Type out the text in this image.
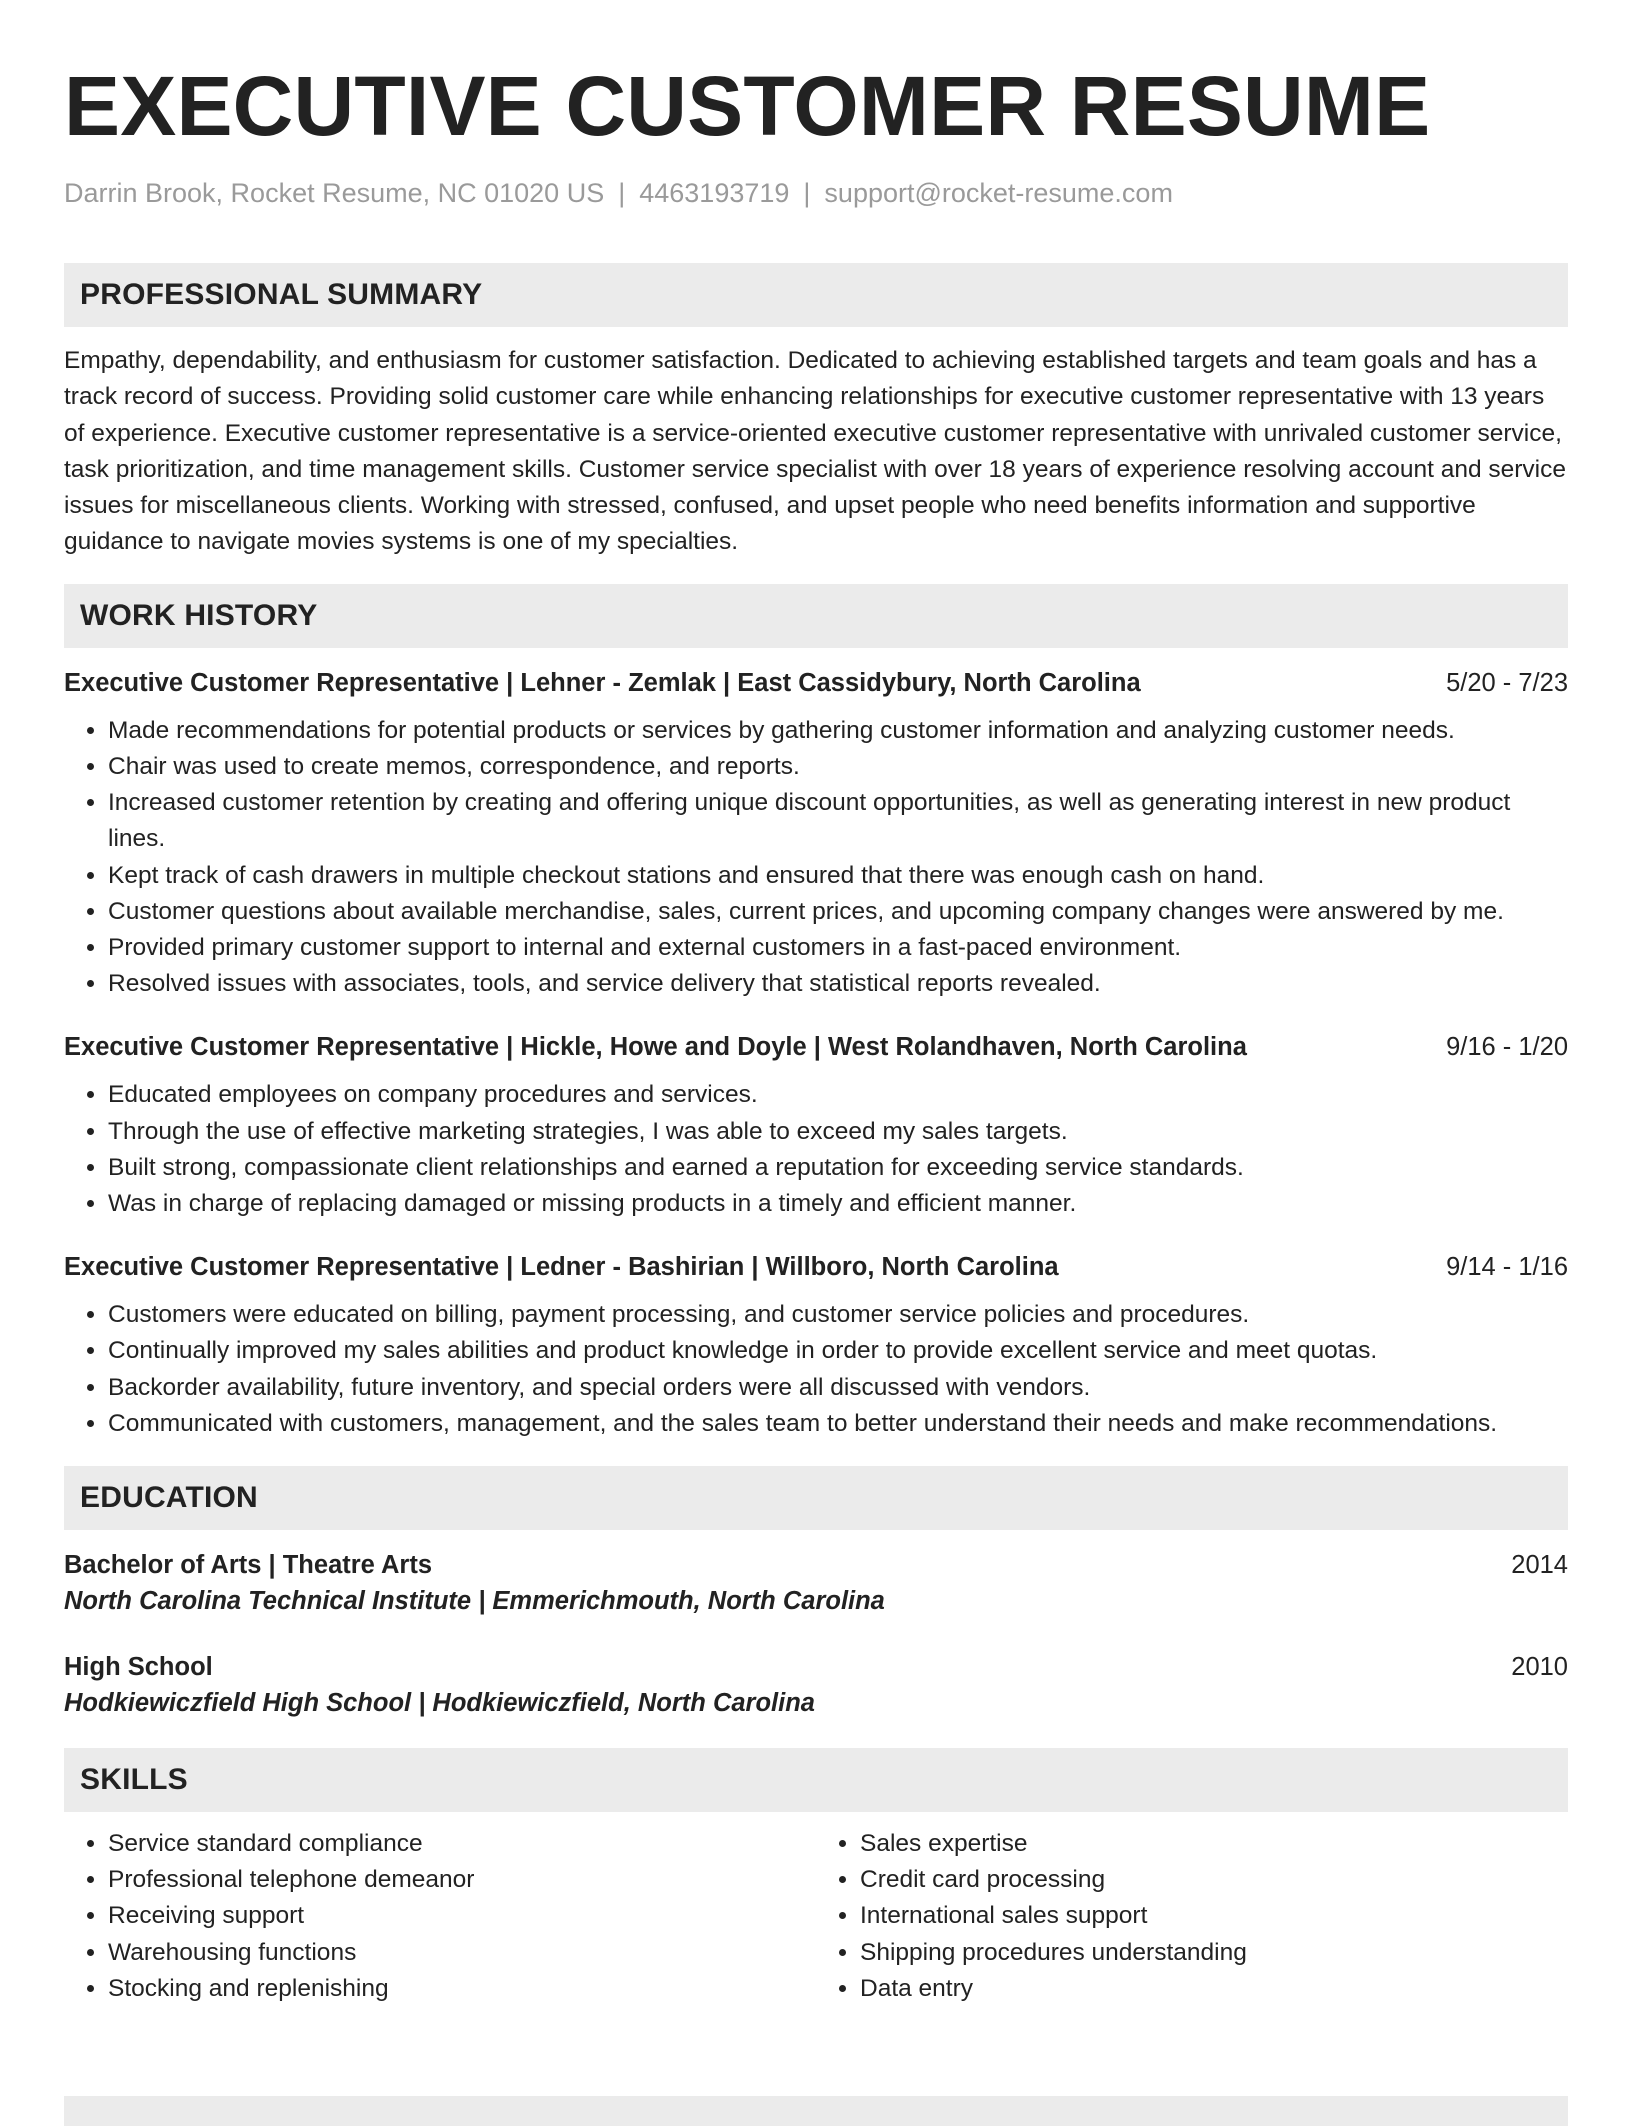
EXECUTIVE CUSTOMER RESUME
Darrin Brook, Rocket Resume, NC 01020 US | 4463193719 | support@rocket-resume.com
PROFESSIONAL SUMMARY

Empathy, dependability, and enthusiasm for customer satisfaction. Dedicated to achieving established targets and team goals and has a track record of success. Providing solid customer care while enhancing relationships for executive customer representative with 13 years of experience. Executive customer representative is a service-oriented executive customer representative with unrivaled customer service, task prioritization, and time management skills. Customer service specialist with over 18 years of experience resolving account and service issues for miscellaneous clients. Working with stressed, confused, and upset people who need benefits information and supportive guidance to navigate movies systems is one of my specialties.

WORK HISTORY
Executive Customer Representative | Lehner - Zemlak | East Cassidybury, North Carolina	5/20 - 7/23
• Made recommendations for potential products or services by gathering customer information and analyzing customer needs.
• Chair was used to create memos, correspondence, and reports.
• Increased customer retention by creating and offering unique discount opportunities, as well as generating interest in new product lines.
• Kept track of cash drawers in multiple checkout stations and ensured that there was enough cash on hand.
• Customer questions about available merchandise, sales, current prices, and upcoming company changes were answered by me.
• Provided primary customer support to internal and external customers in a fast-paced environment.
• Resolved issues with associates, tools, and service delivery that statistical reports revealed.
Executive Customer Representative | Hickle, Howe and Doyle | West Rolandhaven, North Carolina	9/16 - 1/20
• Educated employees on company procedures and services.
• Through the use of effective marketing strategies, I was able to exceed my sales targets.
• Built strong, compassionate client relationships and earned a reputation for exceeding service standards.
• Was in charge of replacing damaged or missing products in a timely and efficient manner.
Executive Customer Representative | Ledner - Bashirian | Willboro, North Carolina	9/14 - 1/16
• Customers were educated on billing, payment processing, and customer service policies and procedures.
• Continually improved my sales abilities and product knowledge in order to provide excellent service and meet quotas.
• Backorder availability, future inventory, and special orders were all discussed with vendors.
• Communicated with customers, management, and the sales team to better understand their needs and make recommendations.
EDUCATION
Bachelor of Arts | Theatre Arts	2014
North Carolina Technical Institute | Emmerichmouth, North Carolina
High School	2010
Hodkiewiczfield High School | Hodkiewiczfield, North Carolina
SKILLS
• Service standard compliance
• Professional telephone demeanor
• Receiving support
• Warehousing functions
• Stocking and replenishing
• Sales expertise
• Credit card processing
• International sales support
• Shipping procedures understanding
• Data entry
